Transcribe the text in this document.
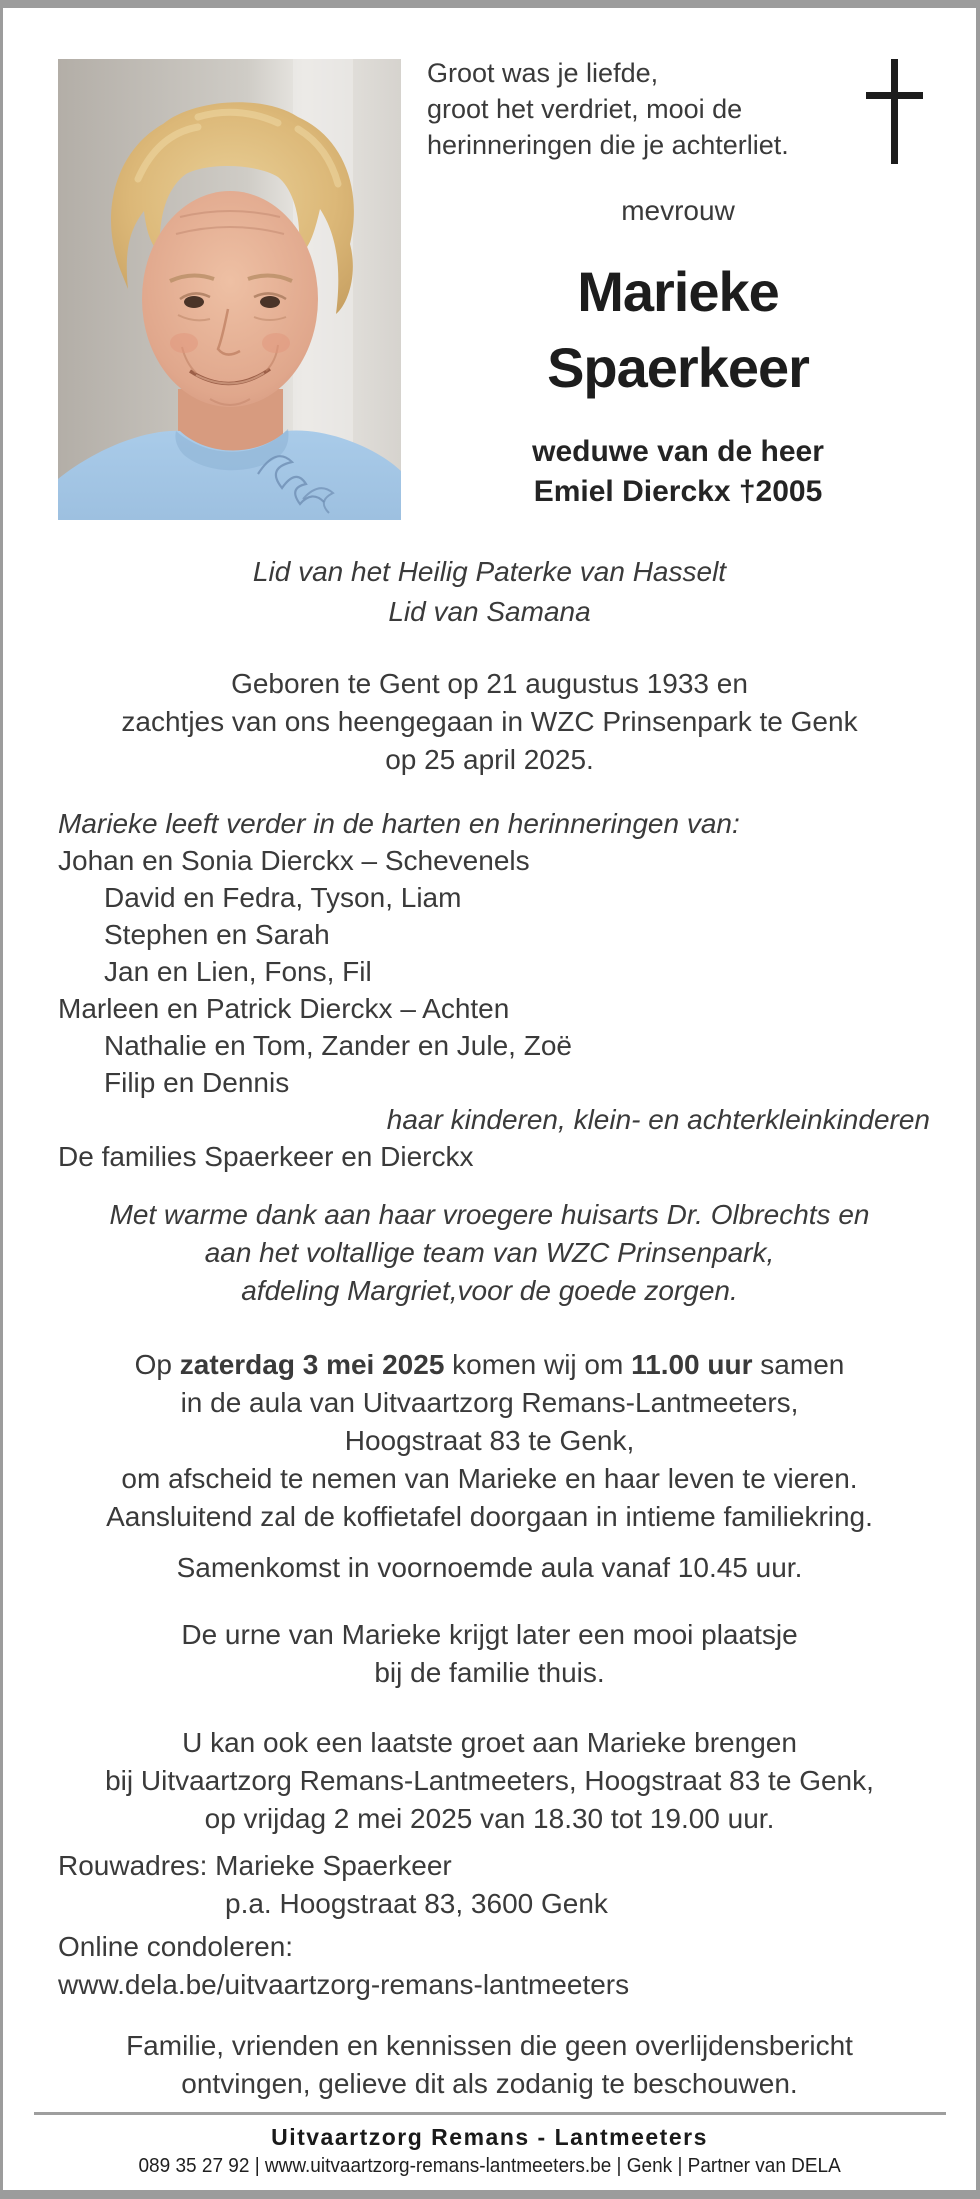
Groot was je liefde,
groot het verdriet, mooi de
herinneringen die je achterliet.
mevrouw
Marieke
Spaerkeer
weduwe van de heer
Emiel Dierckx †2005
Lid van het Heilig Paterke van Hasselt
Lid van Samana
Geboren te Gent op 21 augustus 1933 en
zachtjes van ons heengegaan in WZC Prinsenpark te Genk
op 25 april 2025.
Marieke leeft verder in de harten en herinneringen van:
Johan en Sonia Dierckx – Schevenels
David en Fedra, Tyson, Liam
Stephen en Sarah
Jan en Lien, Fons, Fil
Marleen en Patrick Dierckx – Achten
Nathalie en Tom, Zander en Jule, Zoë
Filip en Dennis
haar kinderen, klein- en achterkleinkinderen
De families Spaerkeer en Dierckx
Met warme dank aan haar vroegere huisarts Dr. Olbrechts en
aan het voltallige team van WZC Prinsenpark,
afdeling Margriet,voor de goede zorgen.
Op zaterdag 3 mei 2025 komen wij om 11.00 uur samen
in de aula van Uitvaartzorg Remans-Lantmeeters,
Hoogstraat 83 te Genk,
om afscheid te nemen van Marieke en haar leven te vieren.
Aansluitend zal de koffietafel doorgaan in intieme familiekring.
Samenkomst in voornoemde aula vanaf 10.45 uur.
De urne van Marieke krijgt later een mooi plaatsje
bij de familie thuis.
U kan ook een laatste groet aan Marieke brengen
bij Uitvaartzorg Remans-Lantmeeters, Hoogstraat 83 te Genk,
op vrijdag 2 mei 2025 van 18.30 tot 19.00 uur.
Rouwadres: Marieke Spaerkeer
p.a. Hoogstraat 83, 3600 Genk
Online condoleren:
www.dela.be/uitvaartzorg-remans-lantmeeters
Familie, vrienden en kennissen die geen overlijdensbericht
ontvingen, gelieve dit als zodanig te beschouwen.
Uitvaartzorg Remans - Lantmeeters
089 35 27 92 | www.uitvaartzorg-remans-lantmeeters.be | Genk | Partner van DELA
